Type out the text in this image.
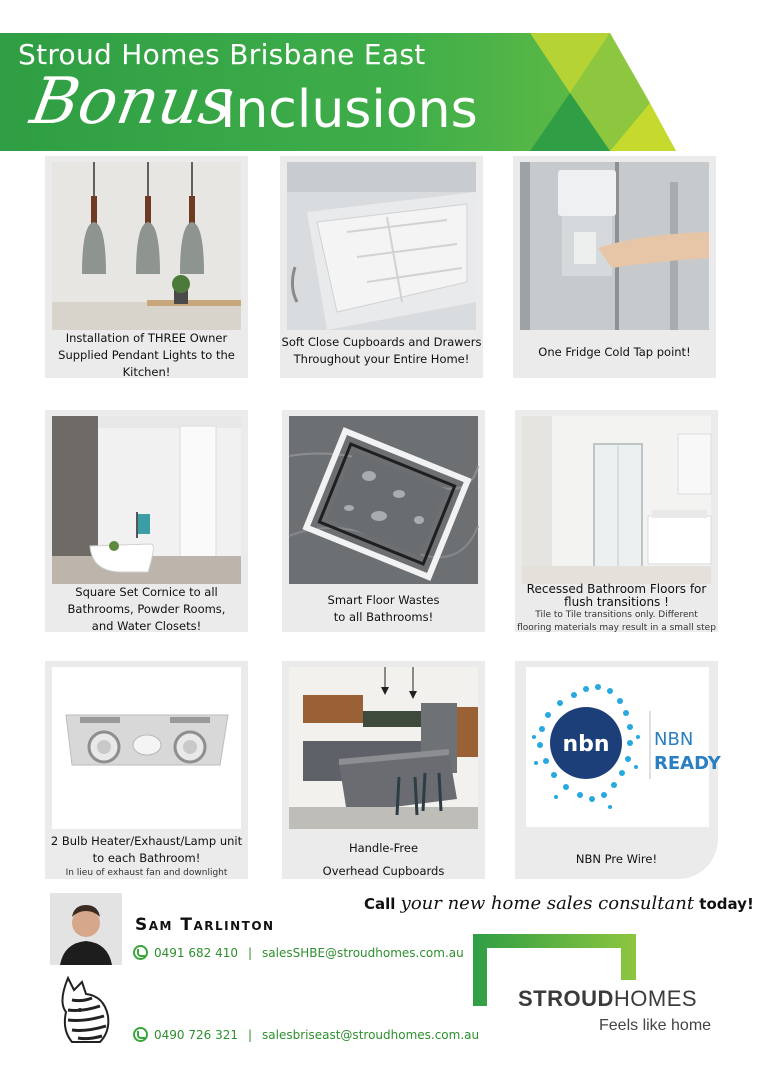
Stroud Homes Brisbane East
Bonus
Inclusions
Installation of THREE Owner
Supplied Pendant Lights to the
Kitchen!
Soft Close Cupboards and Drawers
Throughout your Entire Home!	One Fridge Cold Tap point!
Square Set Cornice to all
Bathrooms, Powder Rooms,
and Water Closets!
Smart Floor Wastes
to all Bathrooms!
Recessed Bathroom Floors for
flush transitions !
Tile to Tile transitions only. Different
flooring materials may result in a small step
2 Bulb Heater/Exhaust/Lamp unit
to each Bathroom!
In lieu of exhaust fan and downlight
Handle-Free
Overhead Cupboards
nbn NBN
READY
NBN Pre Wire!
Call your new home sales consultant today!
Sam Tarlinton
0491 682 410 | salesSHBE@stroudhomes.com.au
0490 726 321 | salesbriseast@stroudhomes.com.au
STROUDHOMES
Feels like home
